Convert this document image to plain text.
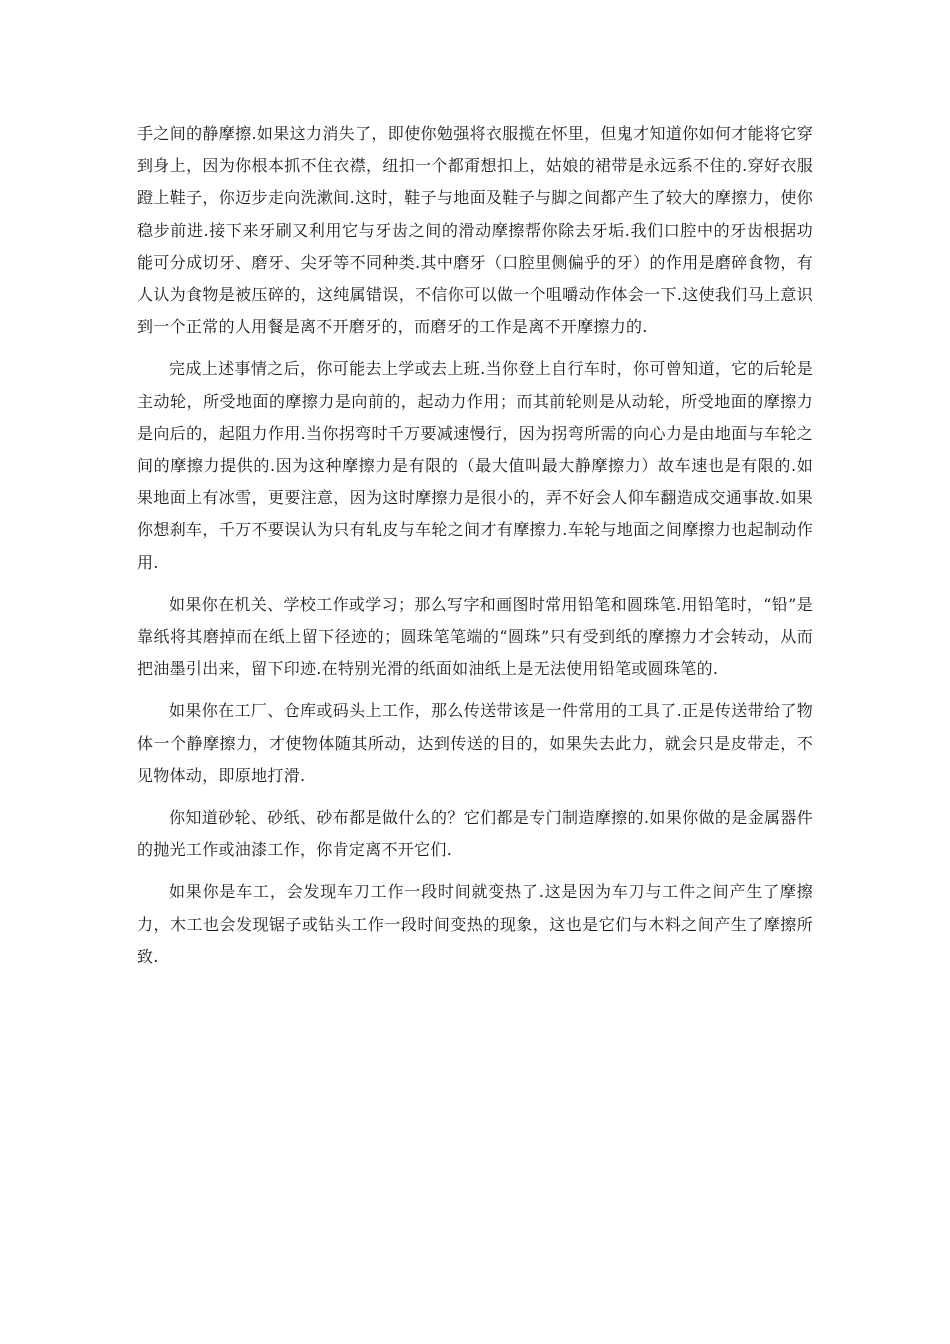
手之间的静摩擦.如果这力消失了，即使你勉强将衣服揽在怀里，但鬼才知道你如何才能将它穿到身上，因为你根本抓不住衣襟，纽扣一个都甭想扣上，姑娘的裙带是永远系不住的.穿好衣服蹬上鞋子，你迈步走向洗漱间.这时，鞋子与地面及鞋子与脚之间都产生了较大的摩擦力，使你稳步前进.接下来牙刷又利用它与牙齿之间的滑动摩擦帮你除去牙垢.我们口腔中的牙齿根据功能可分成切牙、磨牙、尖牙等不同种类.其中磨牙（口腔里侧偏乎的牙）的作用是磨碎食物，有人认为食物是被压碎的，这纯属错误，不信你可以做一个咀嚼动作体会一下.这使我们马上意识到一个正常的人用餐是离不开磨牙的，而磨牙的工作是离不开摩擦力的.

完成上述事情之后，你可能去上学或去上班.当你登上自行车时，你可曾知道，它的后轮是主动轮，所受地面的摩擦力是向前的，起动力作用；而其前轮则是从动轮，所受地面的摩擦力是向后的，起阻力作用.当你拐弯时千万要减速慢行，因为拐弯所需的向心力是由地面与车轮之间的摩擦力提供的.因为这种摩擦力是有限的（最大值叫最大静摩擦力）故车速也是有限的.如果地面上有冰雪，更要注意，因为这时摩擦力是很小的，弄不好会人仰车翻造成交通事故.如果你想刹车，千万不要误认为只有轧皮与车轮之间才有摩擦力.车轮与地面之间摩擦力也起制动作用.

如果你在机关、学校工作或学习；那么写字和画图时常用铅笔和圆珠笔.用铅笔时，“铅”是靠纸将其磨掉而在纸上留下径迹的；圆珠笔笔端的“圆珠”只有受到纸的摩擦力才会转动，从而把油墨引出来，留下印迹.在特别光滑的纸面如油纸上是无法使用铅笔或圆珠笔的.

如果你在工厂、仓库或码头上工作，那么传送带该是一件常用的工具了.正是传送带给了物体一个静摩擦力，才使物体随其所动，达到传送的目的，如果失去此力，就会只是皮带走，不见物体动，即原地打滑.

你知道砂轮、砂纸、砂布都是做什么的？它们都是专门制造摩擦的.如果你做的是金属器件的抛光工作或油漆工作，你肯定离不开它们.

如果你是车工，会发现车刀工作一段时间就变热了.这是因为车刀与工件之间产生了摩擦力，木工也会发现锯子或钻头工作一段时间变热的现象，这也是它们与木料之间产生了摩擦所致.
